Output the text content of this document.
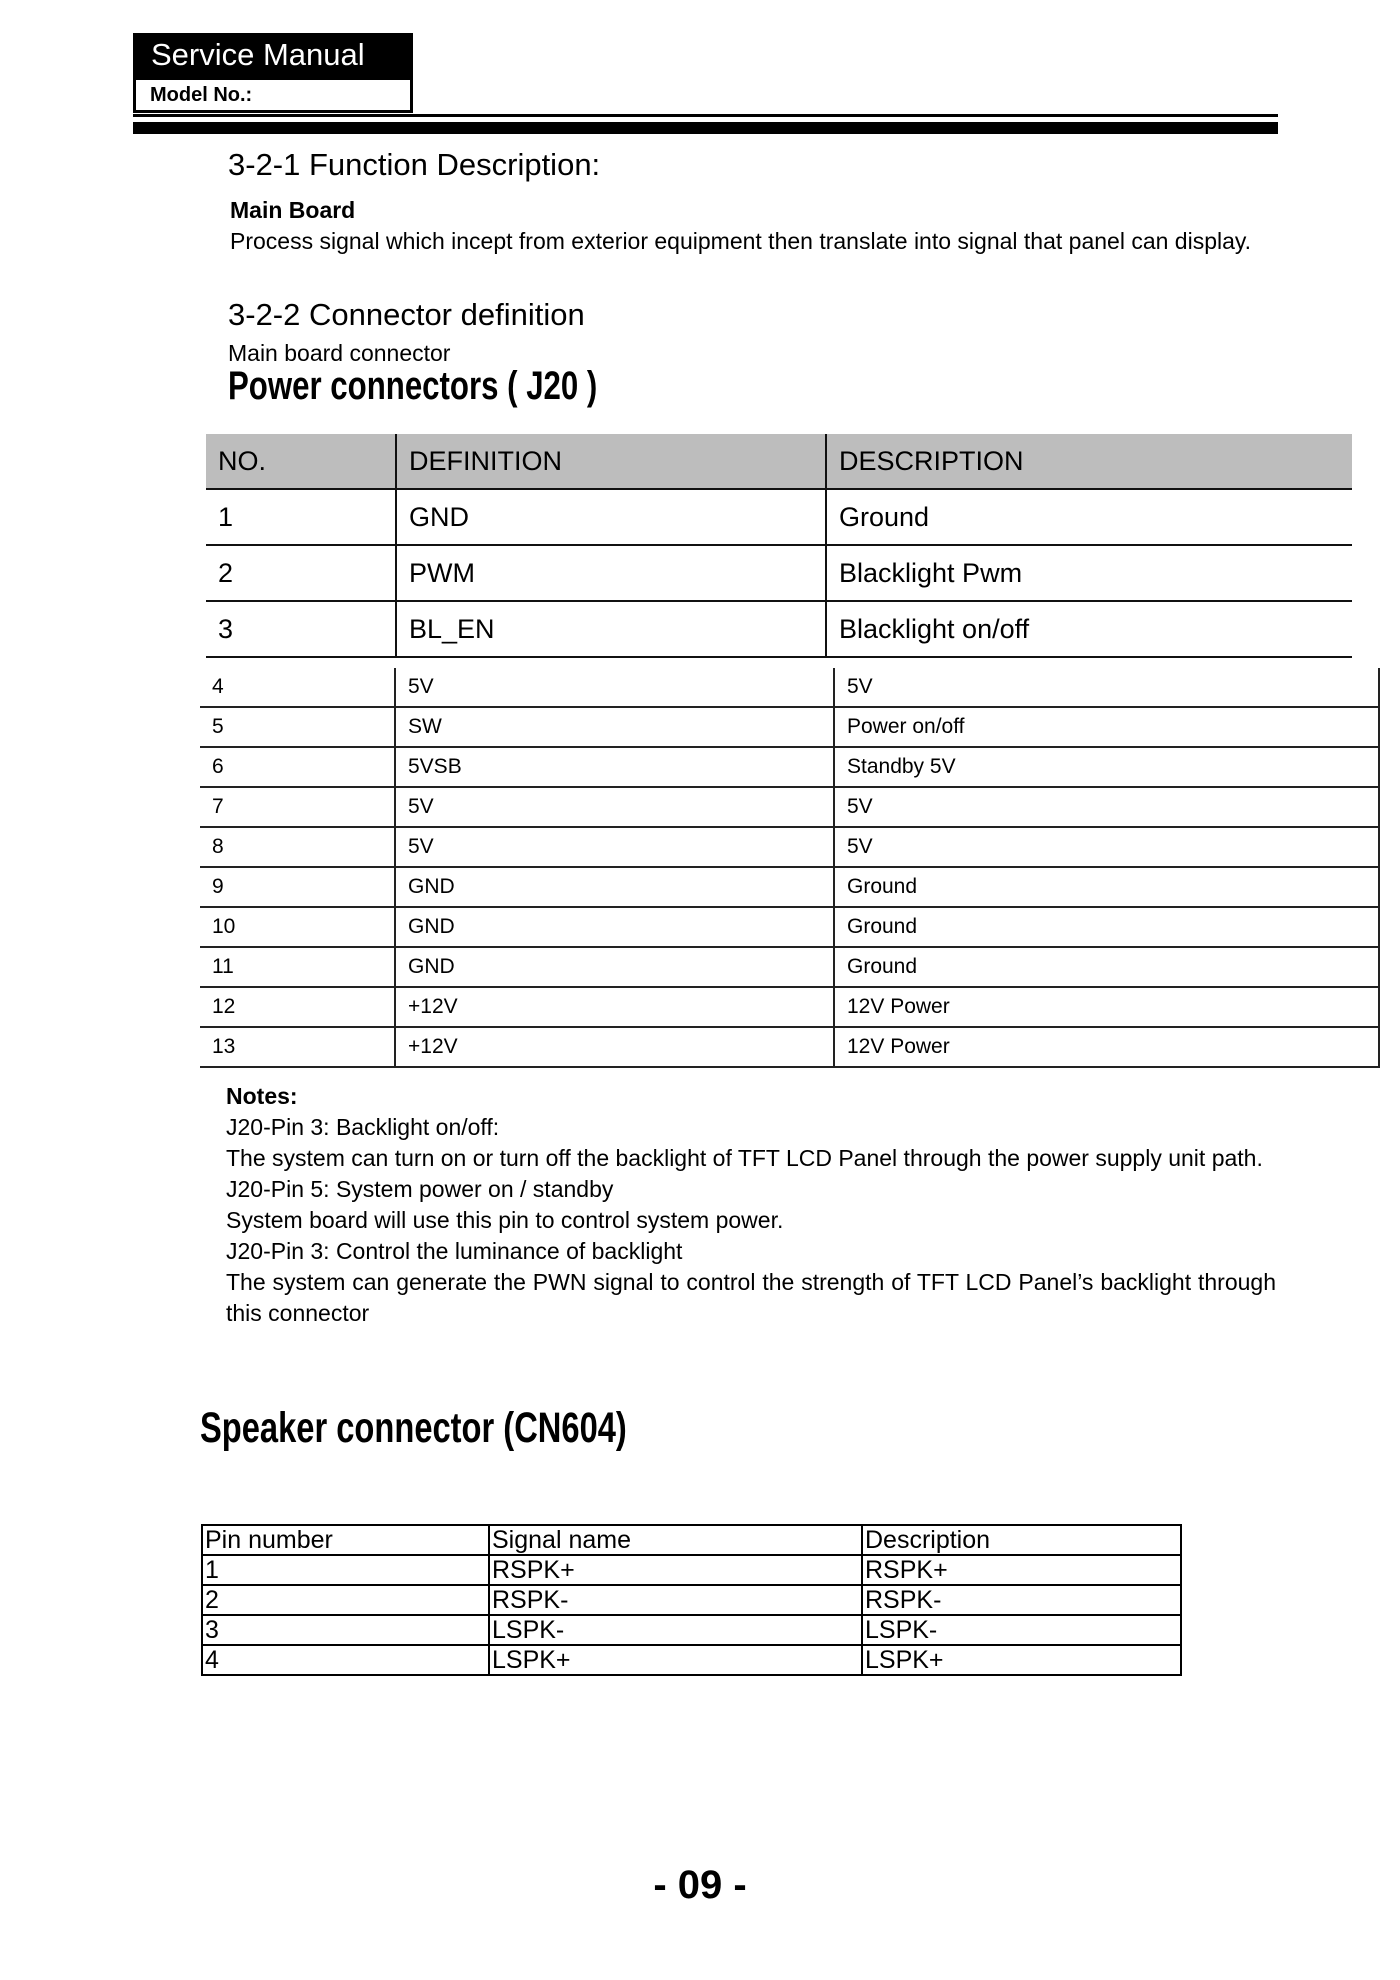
Service Manual
Model No.:
3-2-1 Function Description:
Main Board
Process signal which incept from exterior equipment then translate into signal that panel can display.
3-2-2 Connector definition
Main board connector
Power connectors ( J20 )
NO.	DEFINITION	DESCRIPTION
1	GND	Ground
2	PWM	Blacklight Pwm
3	BL_EN	Blacklight on/off
4	5V	5V
5	SW	Power on/off
6	5VSB	Standby 5V
7	5V	5V
8	5V	5V
9	GND	Ground
10	GND	Ground
11	GND	Ground
12	+12V	12V Power
13	+12V	12V Power
Notes:
J20-Pin 3: Backlight on/off:
The system can turn on or turn off the backlight of TFT LCD Panel through the power supply unit path.
J20-Pin 5: System power on / standby
System board will use this pin to control system power.
J20-Pin 3: Control the luminance of backlight
The system can generate the PWN signal to control the strength of TFT LCD Panel’s backlight through this connector
Speaker connector (CN604)
Pin number	Signal name	Description
1	RSPK+	RSPK+
2	RSPK-	RSPK-
3	LSPK-	LSPK-
4	LSPK+	LSPK+
- 09 -
